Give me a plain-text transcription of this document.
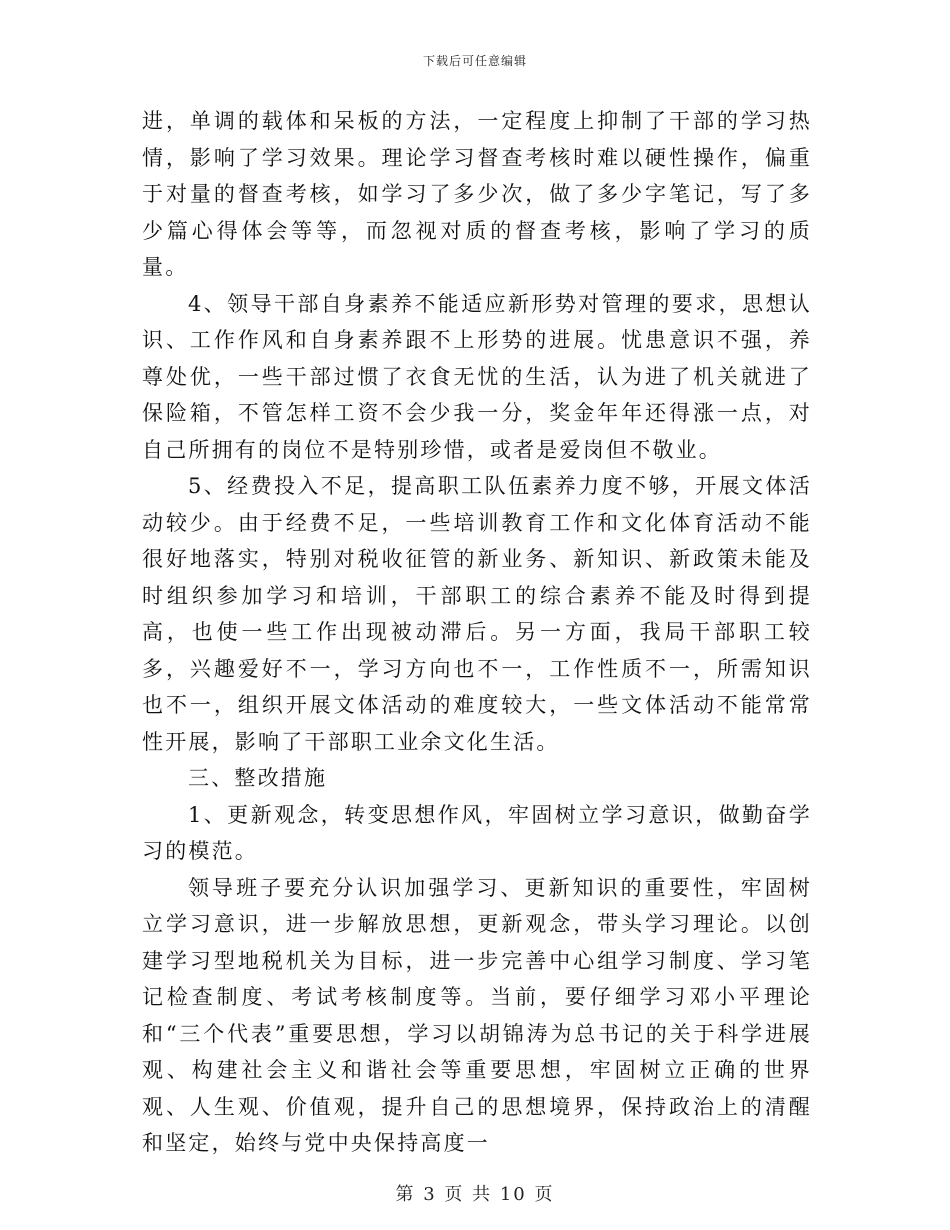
下载后可任意编辑

进，单调的载体和呆板的方法，一定程度上抑制了干部的学习热情，影响了学习效果。理论学习督查考核时难以硬性操作，偏重于对量的督查考核，如学习了多少次，做了多少字笔记，写了多少篇心得体会等等，而忽视对质的督查考核，影响了学习的质量。

4、领导干部自身素养不能适应新形势对管理的要求，思想认识、工作作风和自身素养跟不上形势的进展。忧患意识不强，养尊处优，一些干部过惯了衣食无忧的生活，认为进了机关就进了保险箱，不管怎样工资不会少我一分，奖金年年还得涨一点，对自己所拥有的岗位不是特别珍惜，或者是爱岗但不敬业。

5、经费投入不足，提高职工队伍素养力度不够，开展文体活动较少。由于经费不足，一些培训教育工作和文化体育活动不能很好地落实，特别对税收征管的新业务、新知识、新政策未能及时组织参加学习和培训，干部职工的综合素养不能及时得到提高，也使一些工作出现被动滞后。另一方面，我局干部职工较多，兴趣爱好不一，学习方向也不一，工作性质不一，所需知识也不一，组织开展文体活动的难度较大，一些文体活动不能常常性开展，影响了干部职工业余文化生活。

三、整改措施

1、更新观念，转变思想作风，牢固树立学习意识，做勤奋学习的模范。

领导班子要充分认识加强学习、更新知识的重要性，牢固树立学习意识，进一步解放思想，更新观念，带头学习理论。以创建学习型地税机关为目标，进一步完善中心组学习制度、学习笔记检查制度、考试考核制度等。当前，要仔细学习邓小平理论和“三个代表”重要思想，学习以胡锦涛为总书记的关于科学进展观、构建社会主义和谐社会等重要思想，牢固树立正确的世界观、人生观、价值观，提升自己的思想境界，保持政治上的清醒和坚定，始终与党中央保持高度一

第 3 页 共 10 页
